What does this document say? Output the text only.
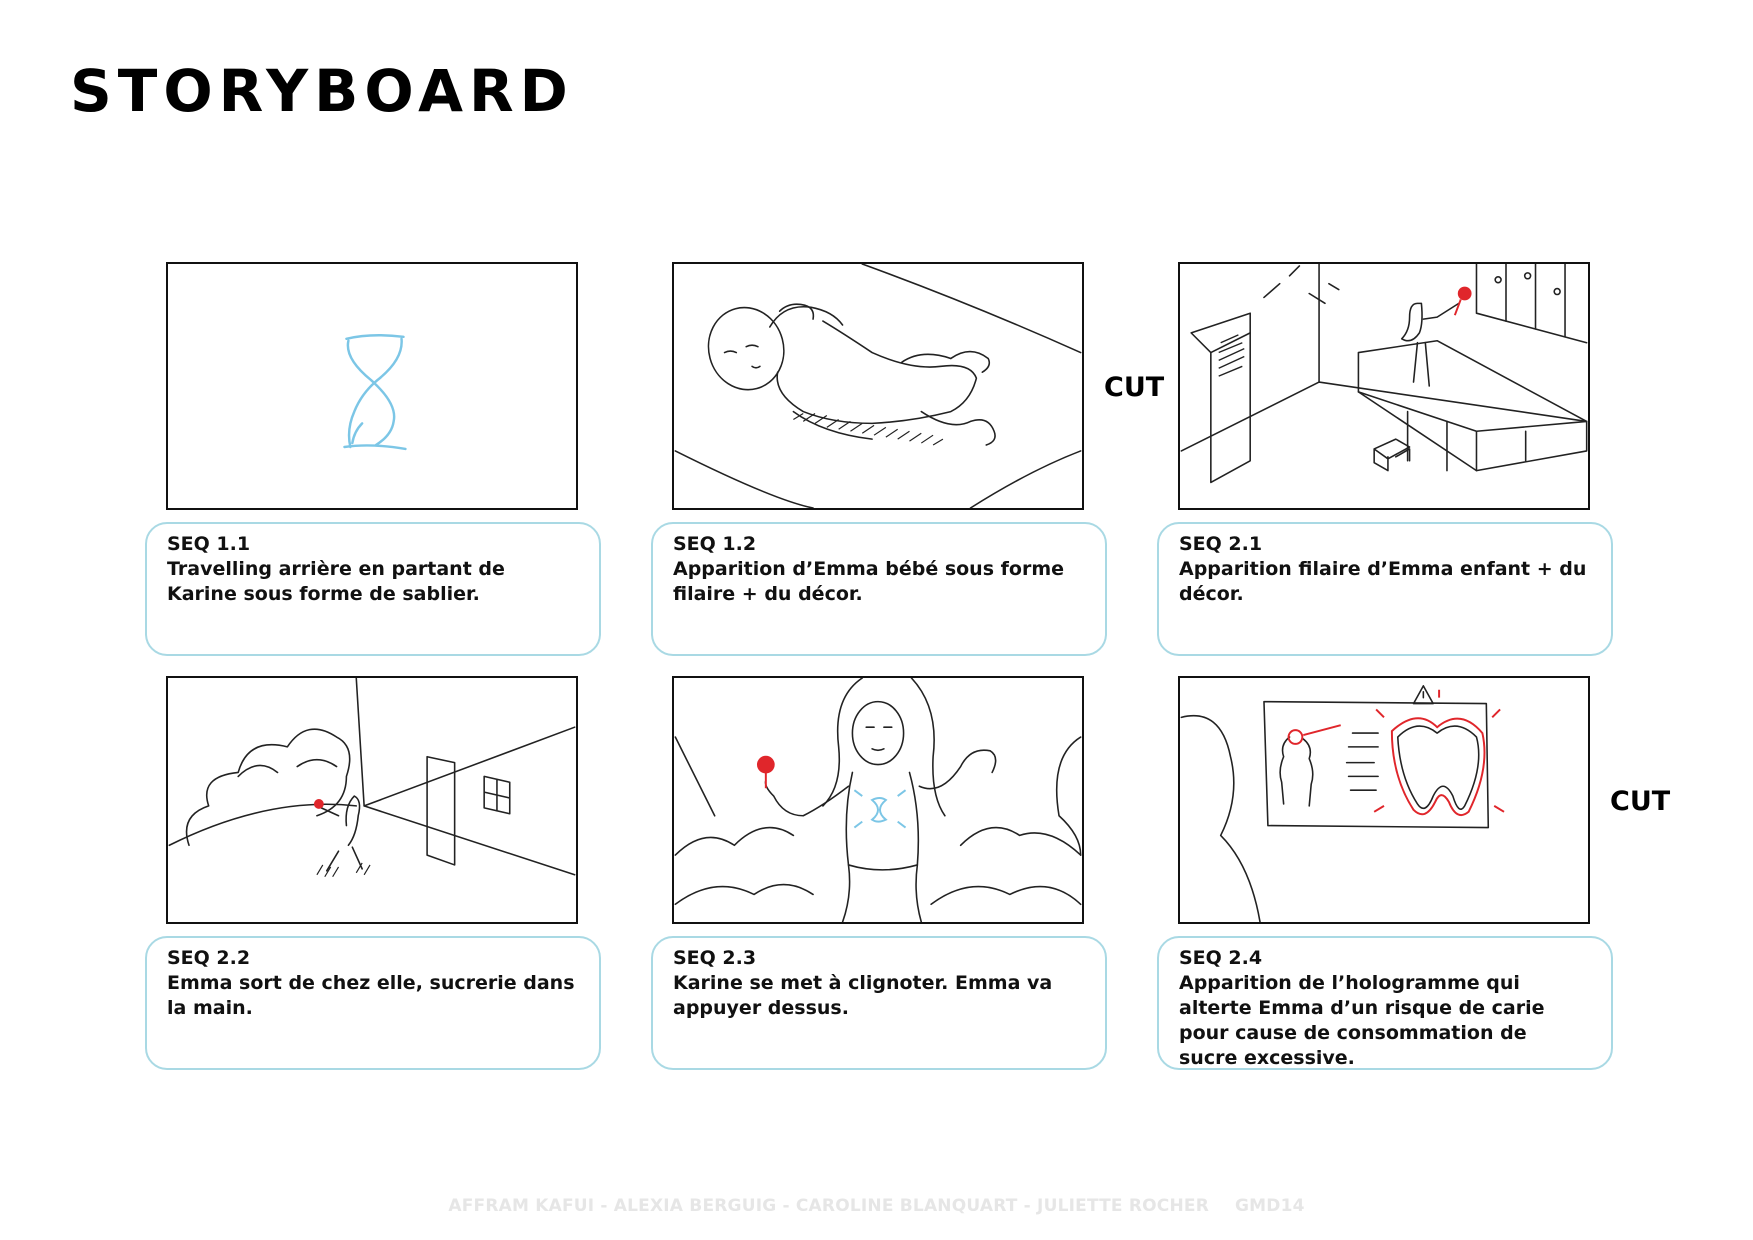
STORYBOARD
SEQ 1.1
Travelling arrière en partant de Karine sous forme de sablier.
SEQ 1.2
Apparition d’Emma bébé sous forme filaire + du décor.
CUT
SEQ 2.1
Apparition filaire d’Emma enfant + du décor.
SEQ 2.2
Emma sort de chez elle, sucrerie dans la main.
SEQ 2.3
Karine se met à clignoter. Emma va appuyer dessus.
SEQ 2.4
Apparition de l’hologramme qui alterte Emma d’un risque de carie pour cause de consommation de sucre excessive.
CUT
AFFRAM KAFUI - ALEXIA BERGUIG - CAROLINE BLANQUART - JULIETTE ROCHER GMD14
